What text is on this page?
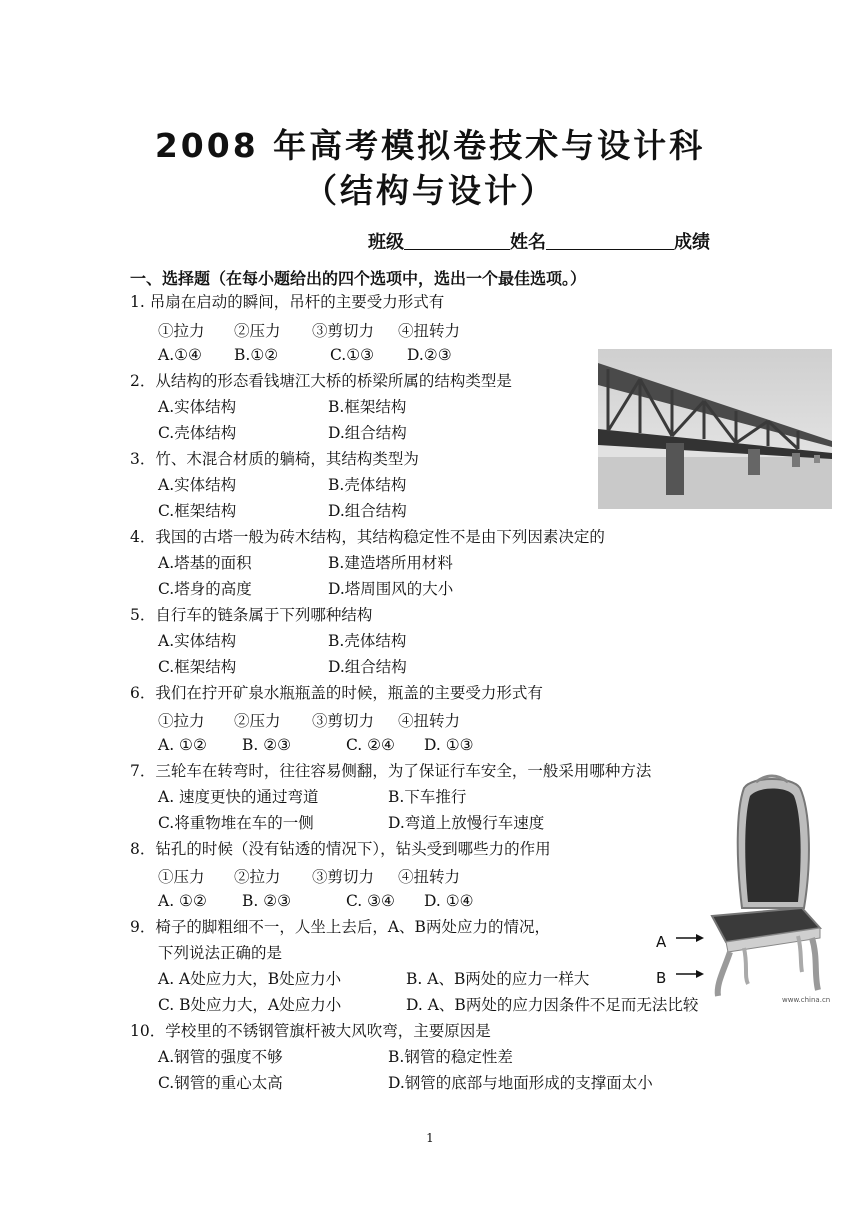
2008 年高考模拟卷技术与设计科
（结构与设计）
班级	姓名	成绩
一、选择题（在每小题给出的四个选项中，选出一个最佳选项。）
1. 吊扇在启动的瞬间，吊杆的主要受力形式有
①拉力 ②压力 ③剪切力 ④扭转力
A.①④ B.①②	C.①③ D.②③
2．从结构的形态看钱塘江大桥的桥梁所属的结构类型是
A.实体结构	B.框架结构
C.壳体结构	D.组合结构
3．竹、木混合材质的躺椅，其结构类型为
A.实体结构	B.壳体结构
C.框架结构	D.组合结构
4．我国的古塔一般为砖木结构，其结构稳定性不是由下列因素决定的
A.塔基的面积	B.建造塔所用材料
C.塔身的高度	D.塔周围风的大小
5．自行车的链条属于下列哪种结构
A.实体结构	B.壳体结构
C.框架结构	D.组合结构
6．我们在拧开矿泉水瓶瓶盖的时候，瓶盖的主要受力形式有
①拉力 ②压力 ③剪切力 ④扭转力
A. ①② B. ②③	C. ②④ D. ①③
7．三轮车在转弯时，往往容易侧翻，为了保证行车安全，一般采用哪种方法
A. 速度更快的通过弯道	B.下车推行
C.将重物堆在车的一侧	D.弯道上放慢行车速度
8．钻孔的时候（没有钻透的情况下），钻头受到哪些力的作用
①压力 ②拉力 ③剪切力 ④扭转力
A. ①② B. ②③	C. ③④ D. ①④
9．椅子的脚粗细不一，人坐上去后，A、B两处应力的情况，
下列说法正确的是
A. A处应力大，B处应力小	B. A、B两处的应力一样大
C. B处应力大，A处应力小	D. A、B两处的应力因条件不足而无法比较
10．学校里的不锈钢管旗杆被大风吹弯，主要原因是
A.钢管的强度不够	B.钢管的稳定性差
C.钢管的重心太高	D.钢管的底部与地面形成的支撑面太小
www.china.cn
A
B
1
